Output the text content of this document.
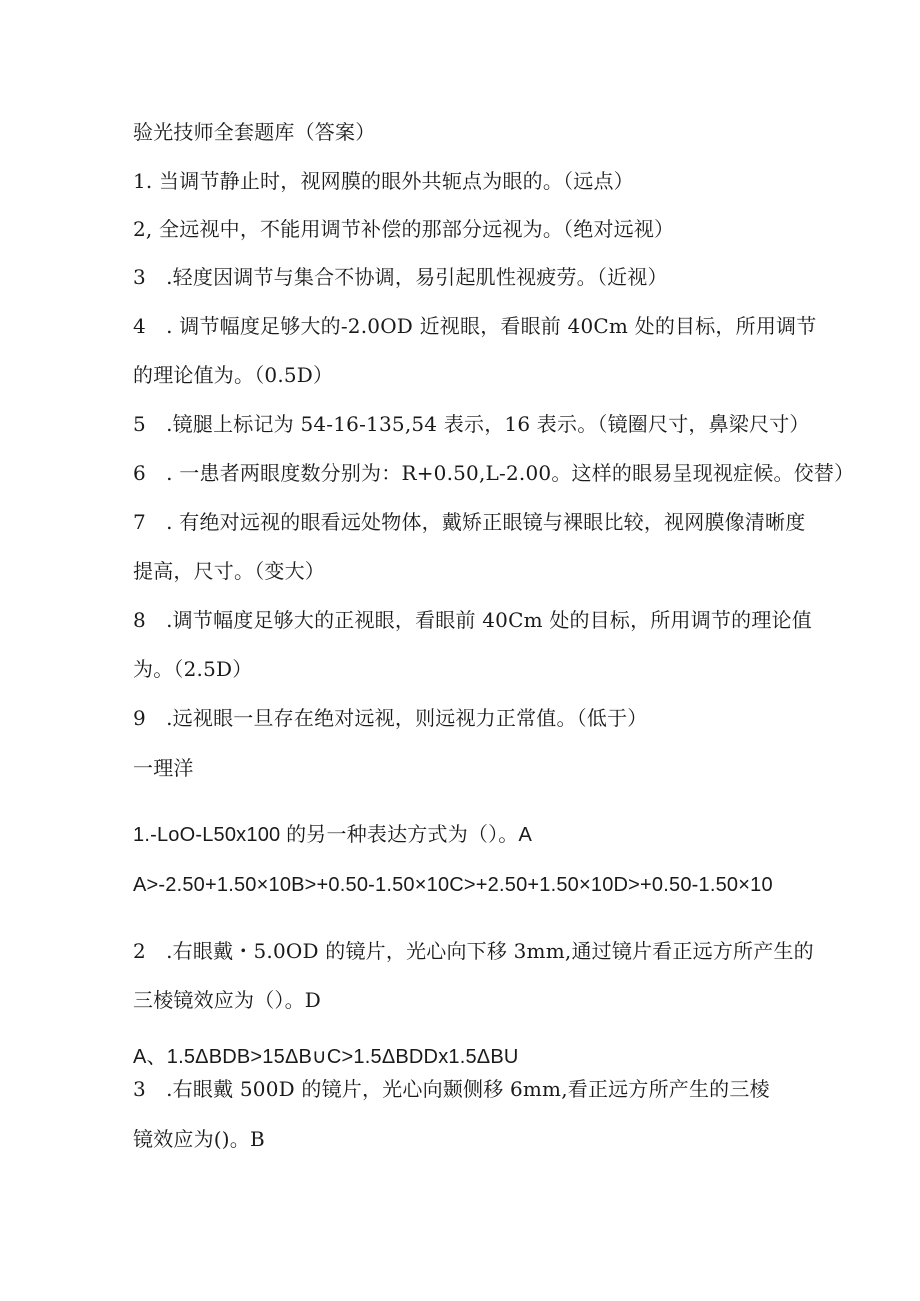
验光技师全套题库（答案）
1. 当调节静止时，视网膜的眼外共轭点为眼的。（远点）
2, 全远视中，不能用调节补偿的那部分远视为。（绝对远视）
3　.轻度因调节与集合不协调，易引起肌性视疲劳。（近视）
4　. 调节幅度足够大的-2.0OD 近视眼，看眼前 40Cm 处的目标，所用调节
的理论值为。（0.5D）
5　.镜腿上标记为 54-16-135,54 表示，16 表示。（镜圈尺寸，鼻梁尺寸）
6　. 一患者两眼度数分别为：R+0.50,L-2.00。这样的眼易呈现视症候。佼替）
7　. 有绝对远视的眼看远处物体，戴矫正眼镜与裸眼比较，视网膜像清晰度
提高，尺寸。（变大）
8　.调节幅度足够大的正视眼，看眼前 40Cm 处的目标，所用调节的理论值
为。（2.5D）
9　.远视眼一旦存在绝对远视，则远视力正常值。（低于）
一理洋
1.-LoO-L50x100 的另一种表达方式为（）。A
A>-2.50+1.50×10B>+0.50-1.50×10C>+2.50+1.50×10D>+0.50-1.50×10
2　.右眼戴・5.0OD 的镜片，光心向下移 3mm,通过镜片看正远方所产生的
三棱镜效应为（）。D
A、1.5ΔBDB>15ΔB∪C>1.5ΔBDDx1.5ΔBU
3　.右眼戴 500D 的镜片，光心向颞侧移 6mm,看正远方所产生的三棱
镜效应为()。B
